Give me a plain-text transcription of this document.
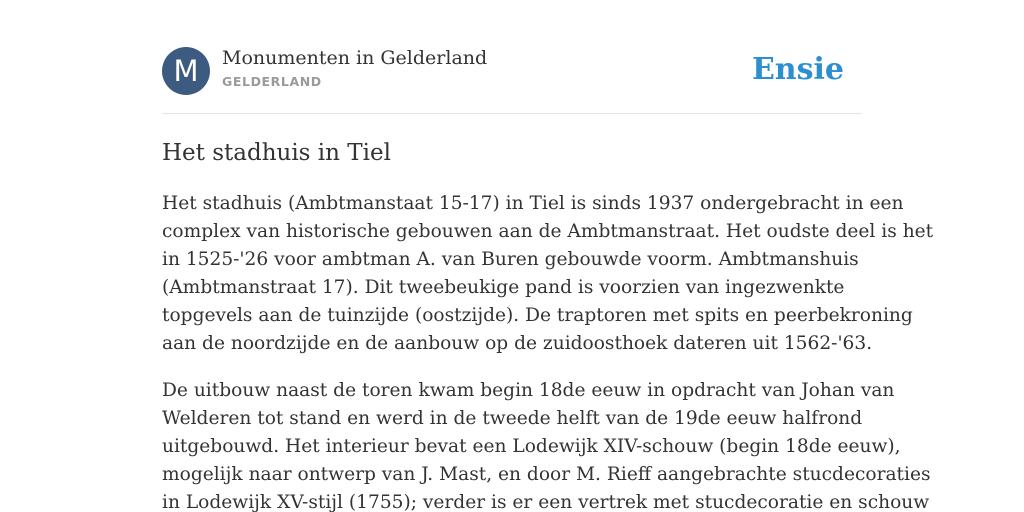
M	Monumenten in Gelderland
GELDERLAND	Ensie
Het stadhuis in Tiel

Het stadhuis (Ambtmanstaat 15-17) in Tiel is sinds 1937 ondergebracht in een
complex van historische gebouwen aan de Ambtmanstraat. Het oudste deel is het
in 1525-'26 voor ambtman A. van Buren gebouwde voorm. Ambtmanshuis
(Ambtmanstraat 17). Dit tweebeukige pand is voorzien van ingezwenkte
topgevels aan de tuinzijde (oostzijde). De traptoren met spits en peerbekroning
aan de noordzijde en de aanbouw op de zuidoosthoek dateren uit 1562-'63.

De uitbouw naast de toren kwam begin 18de eeuw in opdracht van Johan van
Welderen tot stand en werd in de tweede helft van de 19de eeuw halfrond
uitgebouwd. Het interieur bevat een Lodewijk XIV-schouw (begin 18de eeuw),
mogelijk naar ontwerp van J. Mast, en door M. Rieff aangebrachte stucdecoraties
in Lodewijk XV-stijl (1755); verder is er een vertrek met stucdecoratie en schouw
